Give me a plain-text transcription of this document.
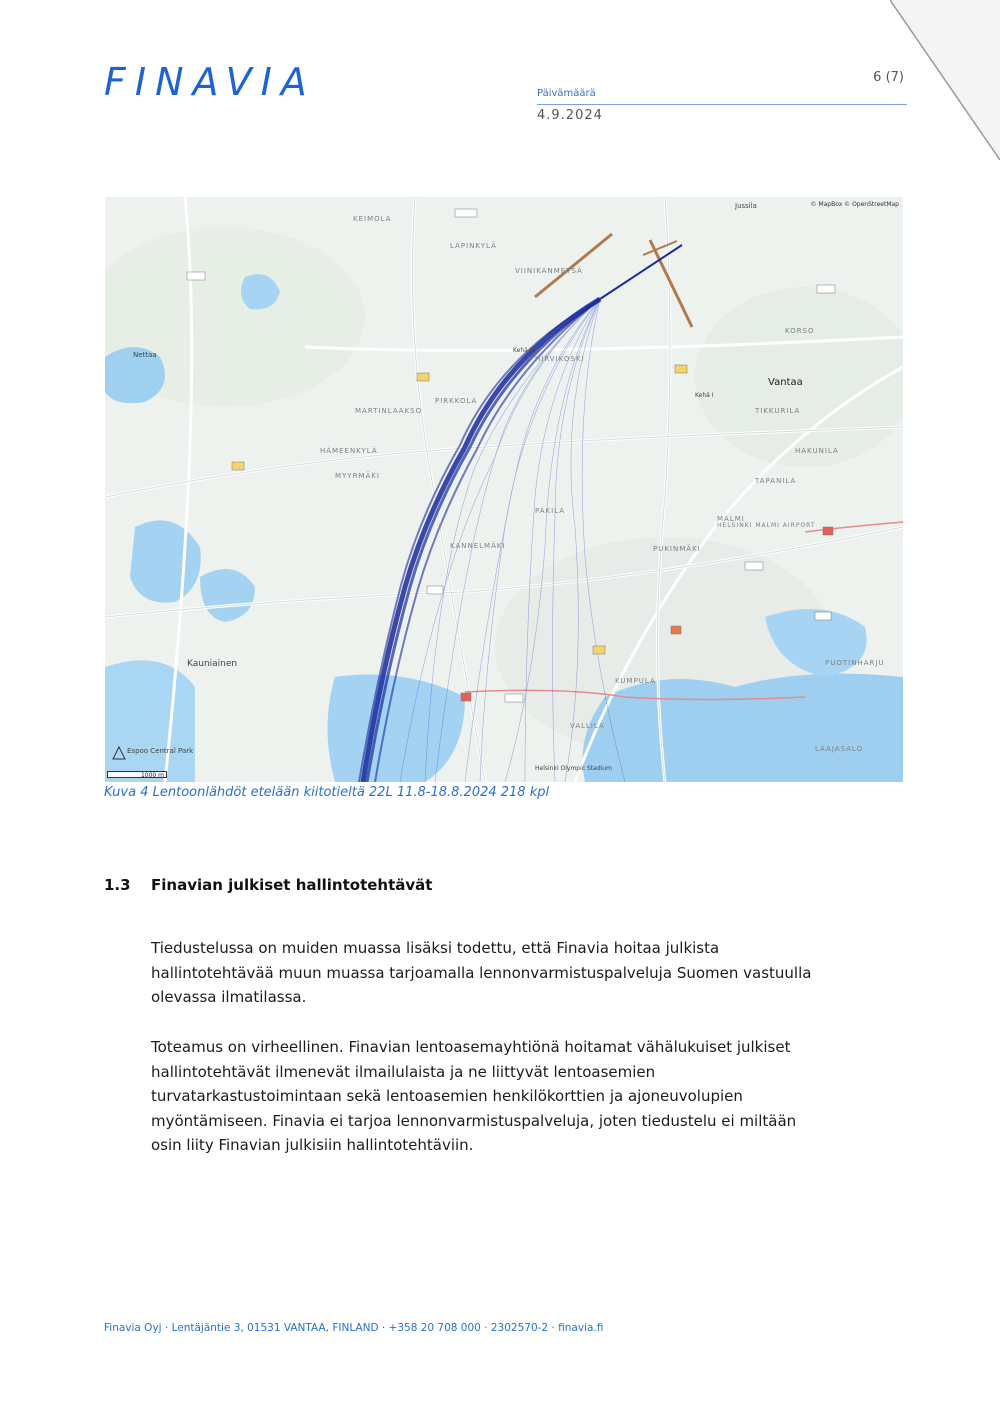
FINAVIA	6 (7)
Päivämäärä
4.9.2024
© MapBox © OpenStreetMap
KEIMOLA
LAPINKYLÄ
VIINIKANMETSÄ
HIRVIKOSKI
PIRKKOLA
MYYRMÄKI
MARTINLAAKSO
HÄMEENKYLÄ
KANNELMÄKI
PAKILA
MALMI
PUKINMÄKI
TAPANILA
TIKKURILA
KORSO
HAKUNILA
PUOTINHARJU
LAAJASALO
KUMPULA
VALLILA
Vantaa
Kauniainen
Nettaa
Jussila
Espoo Central Park
Helsinki Olympic Stadium
HELSINKI MALMI AIRPORT
Kehä III
Kehä I
1000 m
Kuva 4 Lentoonlähdöt etelään kiitotieltä 22L 11.8-18.8.2024 218 kpl
1.3 Finavian julkiset hallintotehtävät
Tiedustelussa on muiden muassa lisäksi todettu, että Finavia hoitaa julkista
hallintotehtävää muun muassa tarjoamalla lennonvarmistuspalveluja Suomen vastuulla
olevassa ilmatilassa.
Toteamus on virheellinen. Finavian lentoasemayhtiönä hoitamat vähälukuiset julkiset
hallintotehtävät ilmenevät ilmailulaista ja ne liittyvät lentoasemien
turvatarkastustoimintaan sekä lentoasemien henkilökorttien ja ajoneuvolupien
myöntämiseen. Finavia ei tarjoa lennonvarmistuspalveluja, joten tiedustelu ei miltään
osin liity Finavian julkisiin hallintotehtäviin.
Finavia Oyj · Lentäjäntie 3, 01531 VANTAA, FINLAND · +358 20 708 000 · 2302570-2 · finavia.fi
